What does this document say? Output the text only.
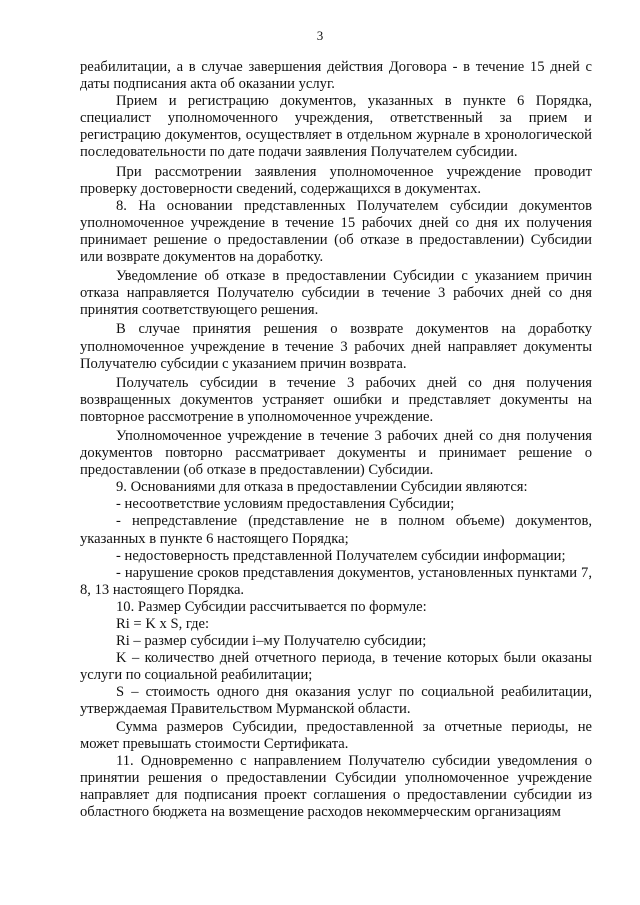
3

реабилитации, а в случае завершения действия Договора - в течение 15 дней с даты подписания акта об оказании услуг.

Прием и регистрацию документов, указанных в пункте 6 Порядка, специалист уполномоченного учреждения, ответственный за прием и регистрацию документов, осуществляет в отдельном журнале в хронологической последовательности по дате подачи заявления Получателем субсидии.

При рассмотрении заявления уполномоченное учреждение проводит проверку достоверности сведений, содержащихся в документах.

8. На основании представленных Получателем субсидии документов уполномоченное учреждение в течение 15 рабочих дней со дня их получения принимает решение о предоставлении (об отказе в предоставлении) Субсидии или возврате документов на доработку.

Уведомление об отказе в предоставлении Субсидии с указанием причин отказа направляется Получателю субсидии в течение 3 рабочих дней со дня принятия соответствующего решения.

В случае принятия решения о возврате документов на доработку уполномоченное учреждение в течение 3 рабочих дней направляет документы Получателю субсидии с указанием причин возврата.

Получатель субсидии в течение 3 рабочих дней со дня получения возвращенных документов устраняет ошибки и представляет документы на повторное рассмотрение в уполномоченное учреждение.

Уполномоченное учреждение в течение 3 рабочих дней со дня получения документов повторно рассматривает документы и принимает решение о предоставлении (об отказе в предоставлении) Субсидии.

9. Основаниями для отказа в предоставлении Субсидии являются:

- несоответствие условиям предоставления Субсидии;

- непредставление (представление не в полном объеме) документов, указанных в пункте 6 настоящего Порядка;

- недостоверность представленной Получателем субсидии информации;

- нарушение сроков представления документов, установленных пунктами 7, 8, 13 настоящего Порядка.

10. Размер Субсидии рассчитывается по формуле:

Ri = K x S, где:

Ri – размер субсидии i–му Получателю субсидии;

K – количество дней отчетного периода, в течение которых были оказаны услуги по социальной реабилитации;

S – стоимость одного дня оказания услуг по социальной реабилитации, утверждаемая Правительством Мурманской области.

Сумма размеров Субсидии, предоставленной за отчетные периоды, не может превышать стоимости Сертификата.

11. Одновременно с направлением Получателю субсидии уведомления о принятии решения о предоставлении Субсидии уполномоченное учреждение направляет для подписания проект соглашения о предоставлении субсидии из областного бюджета на возмещение расходов некоммерческим организациям
